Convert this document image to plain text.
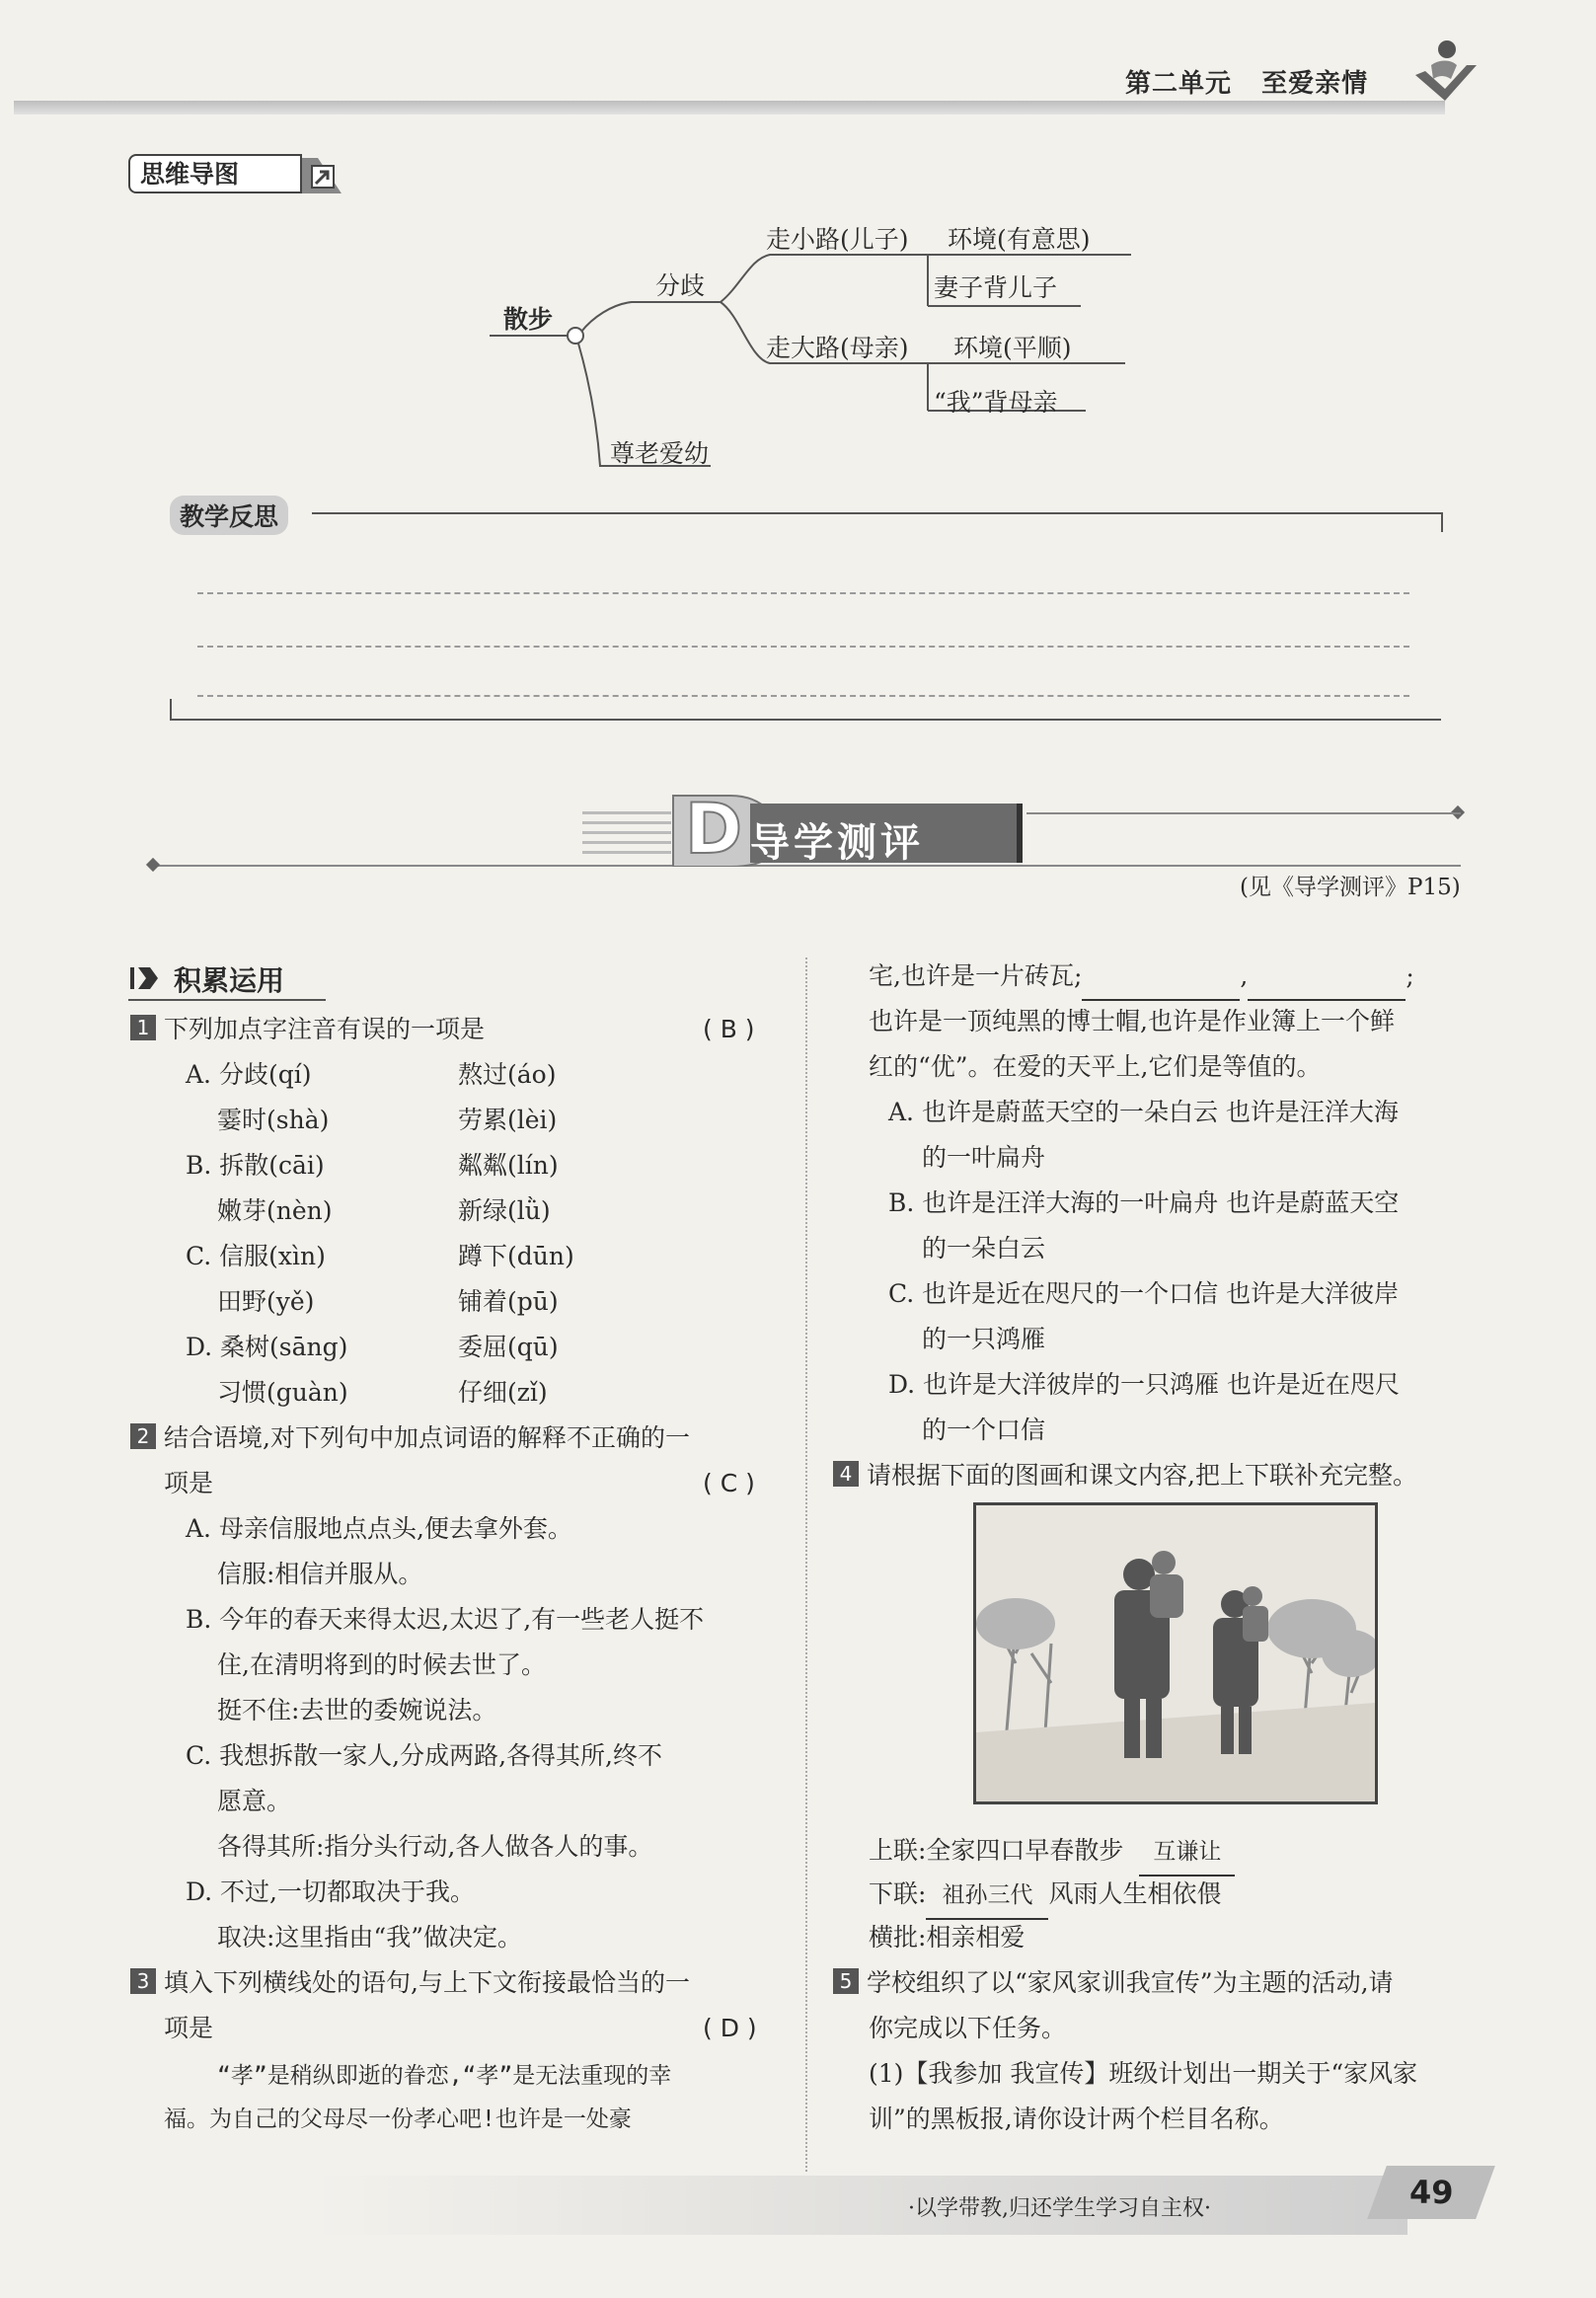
第二单元 至爱亲情
思维导图
散步
分歧
走小路(儿子) 环境(有意思)
妻子背儿子
走大路(母亲) 环境(平顺)
“我”背母亲
尊老爱幼
教学反思
D 导学测评
(见《导学测评》P15)
积累运用
1 下列加点字注音有误的一项是	( B )
A. 分歧(qí)	熬过(áo)
霎时(shà)	劳累(lèi)
B. 拆散(cāi)	粼粼(lín)
嫩芽(nèn)	新绿(lǜ)
C. 信服(xìn)	蹲下(dūn)
田野(yě)	铺着(pū)
D. 桑树(sāng)	委屈(qū)
习惯(guàn)	仔细(zǐ)
2 结合语境,对下列句中加点词语的解释不正确的一
项是	( C )
A. 母亲信服地点点头,便去拿外套。
信服:相信并服从。
B. 今年的春天来得太迟,太迟了,有一些老人挺不
住,在清明将到的时候去世了。
挺不住:去世的委婉说法。
C. 我想拆散一家人,分成两路,各得其所,终不
愿意。
各得其所:指分头行动,各人做各人的事。
D. 不过,一切都取决于我。
取决:这里指由“我”做决定。
3 填入下列横线处的语句,与上下文衔接最恰当的一
项是	( D )
“孝”是稍纵即逝的眷恋,“孝”是无法重现的幸
福。为自己的父母尽一份孝心吧!也许是一处豪
宅,也许是一片砖瓦;	,	;
也许是一顶纯黑的博士帽,也许是作业簿上一个鲜
红的“优”。在爱的天平上,它们是等值的。
A. 也许是蔚蓝天空的一朵白云 也许是汪洋大海
的一叶扁舟
B. 也许是汪洋大海的一叶扁舟 也许是蔚蓝天空
的一朵白云
C. 也许是近在咫尺的一个口信 也许是大洋彼岸
的一只鸿雁
D. 也许是大洋彼岸的一只鸿雁 也许是近在咫尺
的一个口信
4 请根据下面的图画和课文内容,把上下联补充完整。
上联:全家四口早春散步 互谦让
下联: 祖孙三代 风雨人生相依偎
横批:相亲相爱
5 学校组织了以“家风家训我宣传”为主题的活动,请
你完成以下任务。
(1)【我参加 我宣传】班级计划出一期关于“家风家
训”的黑板报,请你设计两个栏目名称。
·以学带教,归还学生学习自主权·	49
